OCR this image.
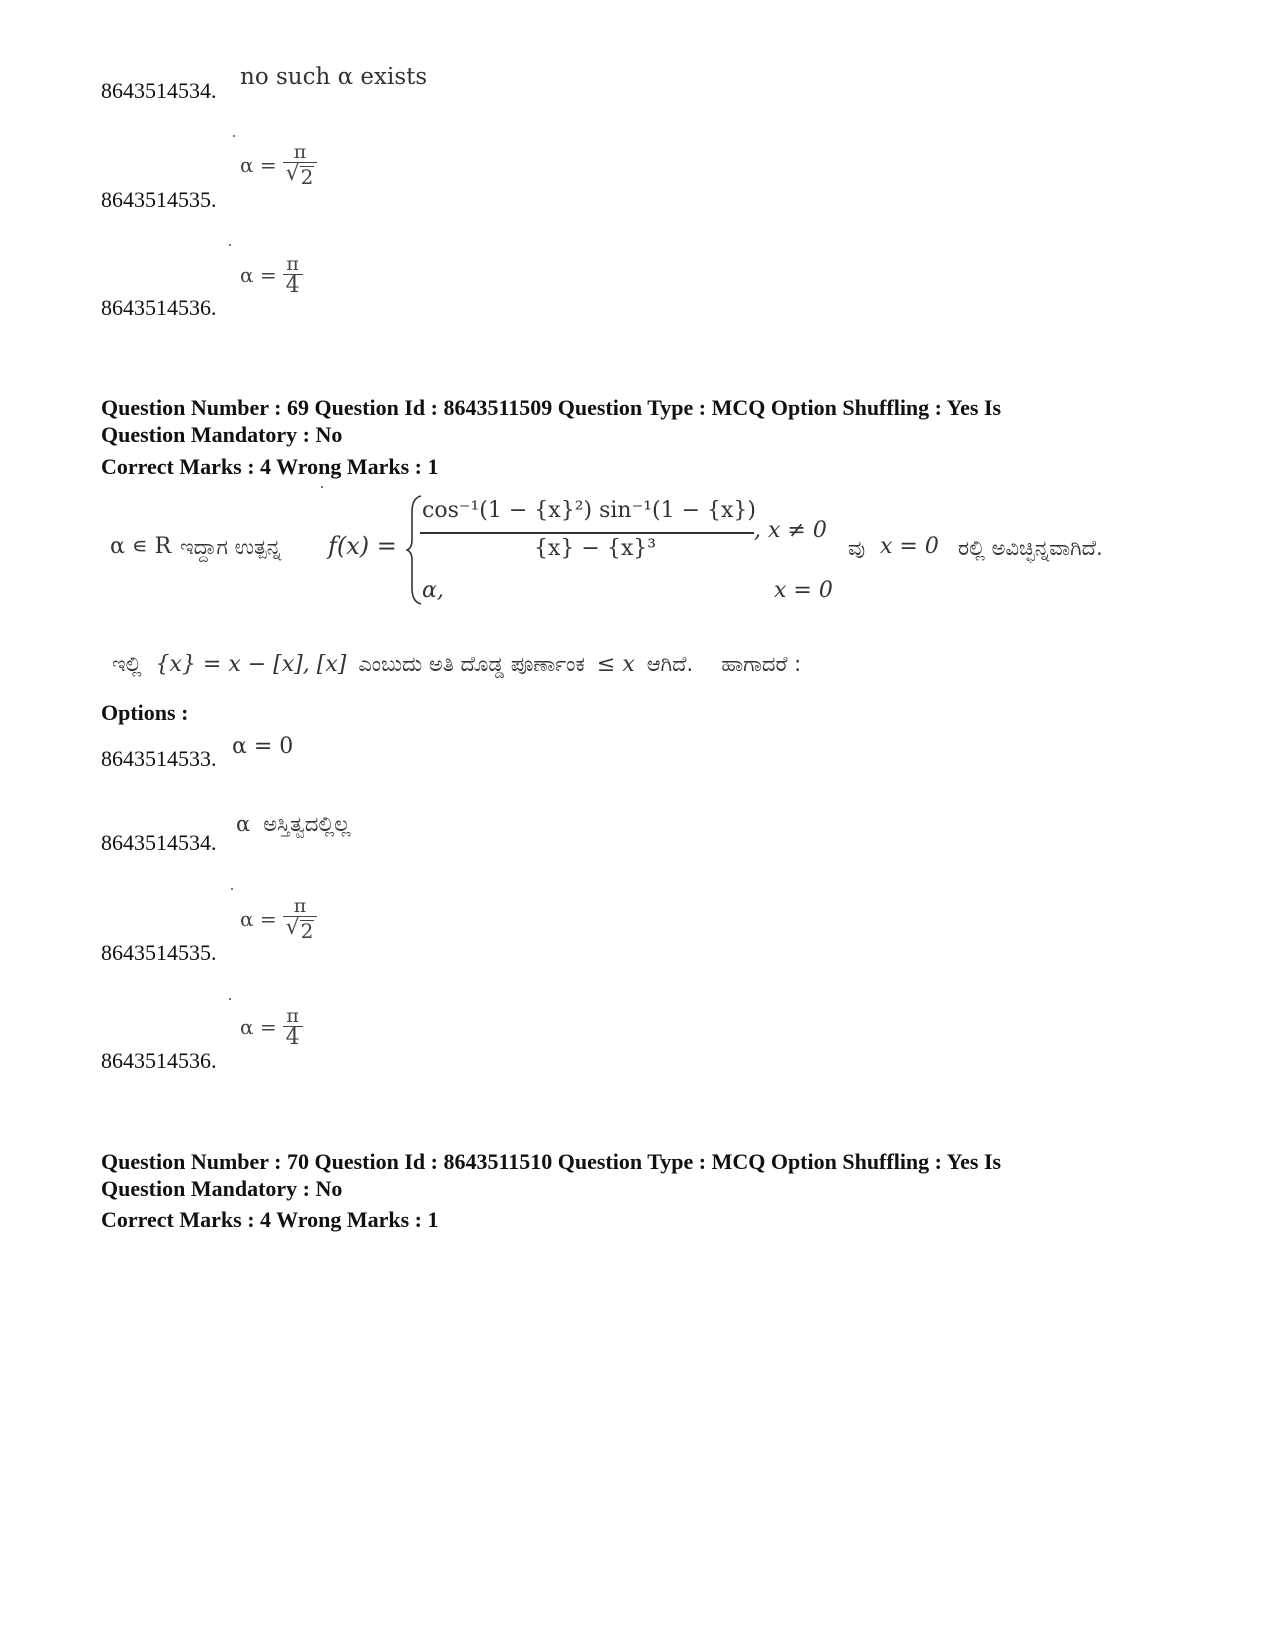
no such α exists
8643514534.
$\alpha = \frac{\pi}{√ 2}$
8643514535.
$\alpha = \frac{\pi}{4}$
8643514536.
Question Number : 69 Question Id : 8643511509 Question Type : MCQ Option Shuffling : Yes Is
Question Mandatory : No
Correct Marks : 4 Wrong Marks : 1
α ∊ R ಇದ್ದಾಗ ಉತ್ಪನ್ನ f(x) =
cos⁻¹(1 − {x}²) sin⁻¹(1 − {x})
{x} − {x}³
, x ≠ 0
α,	x = 0
ವು x = 0 ರಲ್ಲಿ ಅವಿಚ್ಛಿನ್ನವಾಗಿದೆ.
ಇಲ್ಲಿ {x} = x − [x], [x] ಎಂಬುದು ಅತಿ ದೊಡ್ಡ ಪೂರ್ಣಾಂಕ ≤ x ಆಗಿದೆ. ಹಾಗಾದರೆ :
Options :
α = 0
8643514533.
α ಅಸ್ತಿತ್ವದಲ್ಲಿಲ್ಲ
8643514534.
$\alpha = \frac{\pi}{√ 2}$
8643514535.
$\alpha = \frac{\pi}{4}$
8643514536.
Question Number : 70 Question Id : 8643511510 Question Type : MCQ Option Shuffling : Yes Is
Question Mandatory : No
Correct Marks : 4 Wrong Marks : 1
